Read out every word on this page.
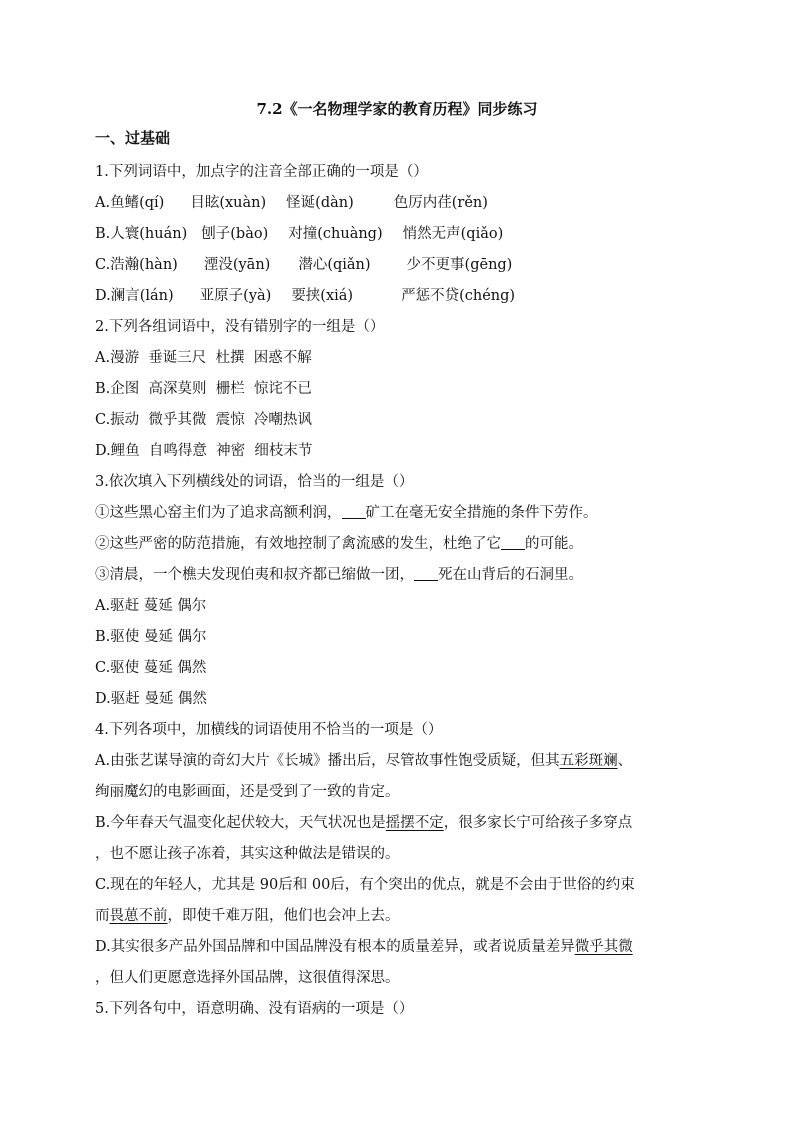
7.2《一名物理学家的教育历程》同步练习
一、过基础
1.下列词语中，加点字的注音全部正确的一项是（）
A.鱼鳍(qí) 目眩(xuàn) 怪诞(dàn)	色厉内荏(rěn)
B.人寰(huán) 刨子(bào) 对撞(chuàng) 悄然无声(qiǎo)
C.浩瀚(hàn) 湮没(yān) 潜心(qiǎn) 少不更事(gēng)
D.澜言(lán) 亚原子(yà) 要挟(xiá)	严惩不贷(chéng)
2.下列各组词语中，没有错别字的一组是（）
A.漫游  垂诞三尺  杜撰  困惑不解
B.企图  高深莫则  栅栏  惊诧不已
C.振动  微乎其微  震惊  冷嘲热讽
D.鲤鱼  自鸣得意  神密  细枝末节
3.依次填入下列横线处的词语，恰当的一组是（）
①这些黑心窑主们为了追求高额利润， 矿工在毫无安全措施的条件下劳作。
②这些严密的防范措施，有效地控制了禽流感的发生，杜绝了它 的可能。
③清晨，一个樵夫发现伯夷和叔齐都已缩做一团， 死在山背后的石洞里。
A.驱赶 蔓延 偶尔
B.驱使 曼延 偶尔
C.驱使 蔓延 偶然
D.驱赶 曼延 偶然
4.下列各项中，加横线的词语使用不恰当的一项是（）
A.由张艺谋导演的奇幻大片《长城》播出后，尽管故事性饱受质疑，但其五彩斑斓、
绚丽魔幻的电影画面，还是受到了一致的肯定。
B.今年春天气温变化起伏较大，天气状况也是摇摆不定，很多家长宁可给孩子多穿点
，也不愿让孩子冻着，其实这种做法是错误的。
C.现在的年轻人，尤其是 90后和 00后，有个突出的优点，就是不会由于世俗的约束
而畏葸不前，即使千难万阻，他们也会冲上去。
D.其实很多产品外国品牌和中国品牌没有根本的质量差异，或者说质量差异微乎其微
，但人们更愿意选择外国品牌，这很值得深思。
5.下列各句中，语意明确、没有语病的一项是（）
